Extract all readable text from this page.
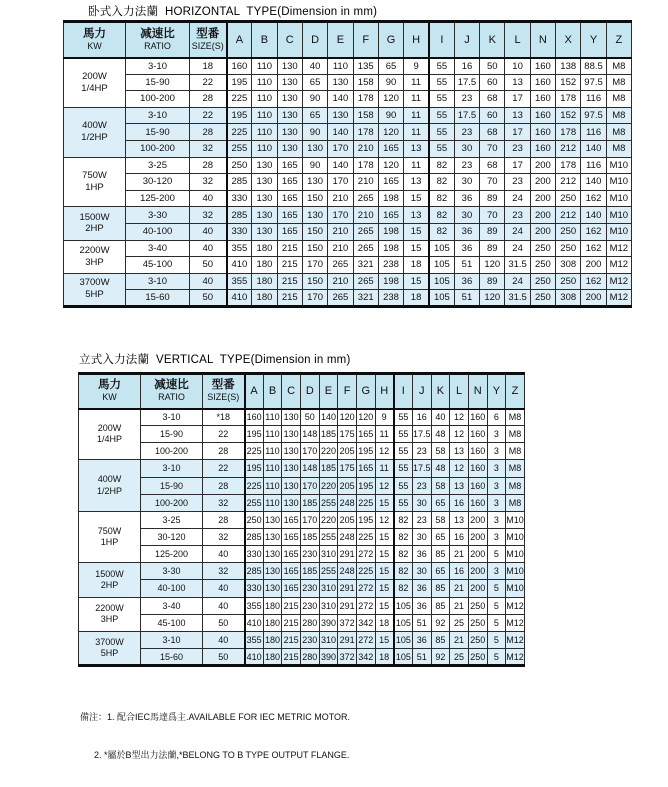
卧式入力法蘭  HORIZONTAL  TYPE(Dimension in mm)
馬力
KW

减速比
RATIO

型番
SIZE(S)	A	B	C	D	E	F	G	H	I	J	K	L	N	X	Y	Z

200W
1/4HP	3-10	18	160	110	130	40	110	135	65	9	55	16	50	10	160	138	88.5	M8
	15-90	22	195	110	130	65	130	158	90	11	55	17.5	60	13	160	152	97.5	M8
	100-200	28	225	110	130	90	140	178	120	11	55	23	68	17	160	178	116	M8

400W
1/2HP	3-10	22	195	110	130	65	130	158	90	11	55	17.5	60	13	160	152	97.5	M8
	15-90	28	225	110	130	90	140	178	120	11	55	23	68	17	160	178	116	M8
	100-200	32	255	110	130	130	170	210	165	13	55	30	70	23	160	212	140	M8

750W
1HP	3-25	28	250	130	165	90	140	178	120	11	82	23	68	17	200	178	116	M10
	30-120	32	285	130	165	130	170	210	165	13	82	30	70	23	200	212	140	M10
	125-200	40	330	130	165	150	210	265	198	15	82	36	89	24	200	250	162	M10

1500W
2HP	3-30	32	285	130	165	130	170	210	165	13	82	30	70	23	200	212	140	M10
	40-100	40	330	130	165	150	210	265	198	15	82	36	89	24	200	250	162	M10

2200W
3HP	3-40	40	355	180	215	150	210	265	198	15	105	36	89	24	250	250	162	M12
	45-100	50	410	180	215	170	265	321	238	18	105	51	120	31.5	250	308	200	M12

3700W
5HP	3-10	40	355	180	215	150	210	265	198	15	105	36	89	24	250	250	162	M12
	15-60	50	410	180	215	170	265	321	238	18	105	51	120	31.5	250	308	200	M12
立式入力法蘭  VERTICAL  TYPE(Dimension in mm)
馬力
KW

减速比
RATIO

型番
SIZE(S)	A	B	C	D	E	F	G	H	I	J	K	L	N	Y	Z

200W
1/4HP	3-10	*18	160	110	130	50	140	120	120	9	55	16	40	12	160	6	M8
	15-90	22	195	110	130	148	185	175	165	11	55	17.5	48	12	160	3	M8
	100-200	28	225	110	130	170	220	205	195	12	55	23	58	13	160	3	M8

400W
1/2HP	3-10	22	195	110	130	148	185	175	165	11	55	17.5	48	12	160	3	M8
	15-90	28	225	110	130	170	220	205	195	12	55	23	58	13	160	3	M8
	100-200	32	255	110	130	185	255	248	225	15	55	30	65	16	160	3	M8

750W
1HP	3-25	28	250	130	165	170	220	205	195	12	82	23	58	13	200	3	M10
	30-120	32	285	130	165	185	255	248	225	15	82	30	65	16	200	3	M10
	125-200	40	330	130	165	230	310	291	272	15	82	36	85	21	200	5	M10

1500W
2HP	3-30	32	285	130	165	185	255	248	225	15	82	30	65	16	200	3	M10
	40-100	40	330	130	165	230	310	291	272	15	82	36	85	21	200	5	M10

2200W
3HP	3-40	40	355	180	215	230	310	291	272	15	105	36	85	21	250	5	M12
	45-100	50	410	180	215	280	390	372	342	18	105	51	92	25	250	5	M12

3700W
5HP	3-10	40	355	180	215	230	310	291	272	15	105	36	85	21	250	5	M12
	15-60	50	410	180	215	280	390	372	342	18	105	51	92	25	250	5	M12

備注：1. 配合IEC馬達爲主.AVAILABLE FOR IEC METRIC MOTOR.

2. *屬於B型出力法蘭,*BELONG TO B TYPE OUTPUT FLANGE.
